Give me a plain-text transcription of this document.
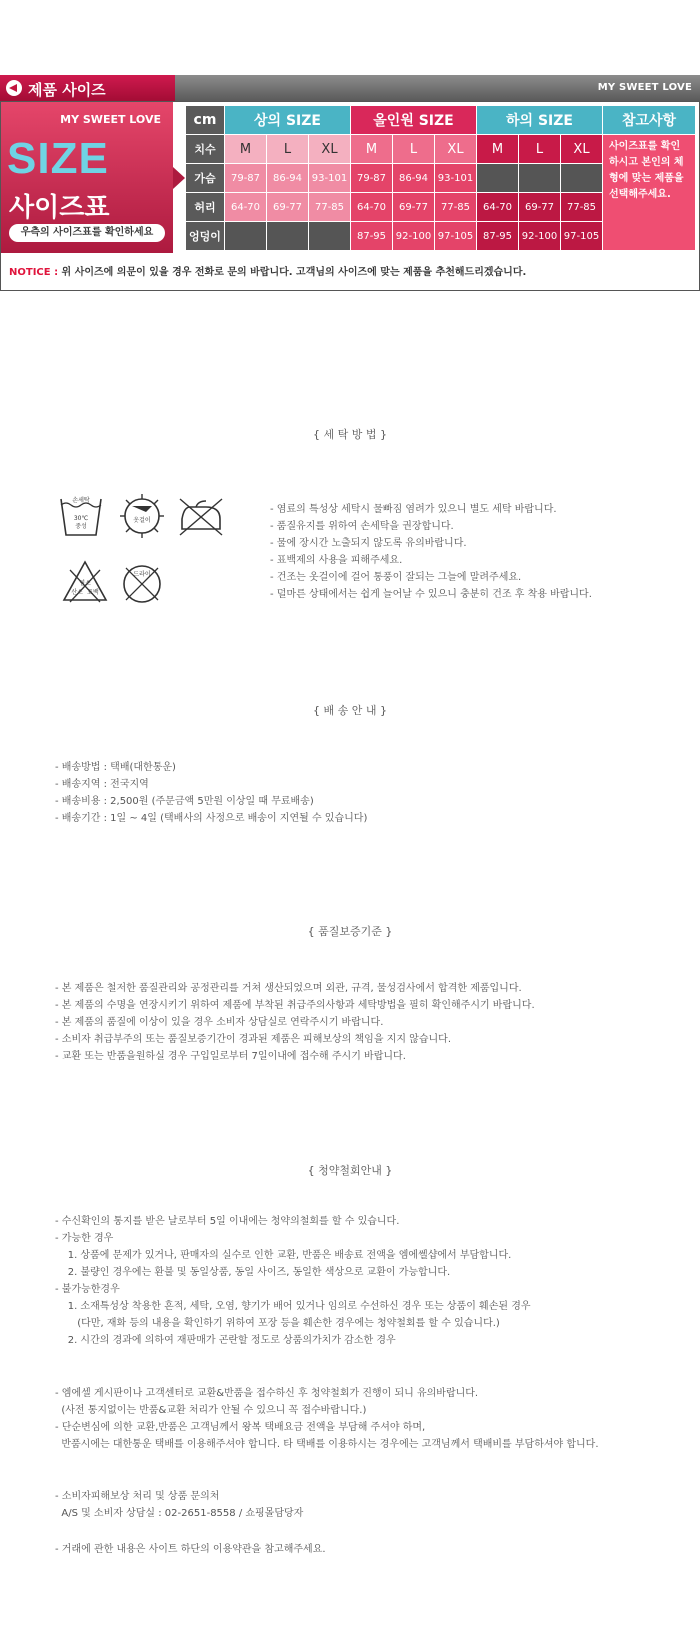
제품 사이즈	MY SWEET LOVE
MY SWEET LOVE
SIZE
사이즈표
우측의 사이즈표를 확인하세요
cm	상의 SIZE			올인원 SIZE			하의 SIZE			참고사항
치수	M	L	XL	M	L	XL	M	L	XL	사이즈표를 확인하시고 본인의 체형에 맞는 제품을 선택해주세요.
가슴	79-87	86-94	93-101	79-87	86-94	93-101				
허리	64-70	69-77	77-85	64-70	69-77	77-85	64-70	69-77	77-85	
엉덩이				87-95	92-100	97-105	87-95	92-100	97-105	
NOTICE : 위 사이즈에 의문이 있을 경우 전화로 문의 바랍니다. 고객님의 사이즈에 맞는 제품을 추천해드리겠습니다.
{ 세 탁 방 법 }
손세탁
30℃
중성
옷걸이
염소
산소 표백
드라이
- 염료의 특성상 세탁시 물빠짐 염려가 있으니 별도 세탁 바랍니다.
- 품질유지를 위하여 손세탁을 권장합니다.
- 물에 장시간 노출되지 않도록 유의바랍니다.
- 표백제의 사용을 피해주세요.
- 건조는 옷걸이에 걸어 통풍이 잘되는 그늘에 말려주세요.
- 덜마른 상태에서는 쉽게 늘어날 수 있으니 충분히 건조 후 착용 바랍니다.
{ 배 송 안 내 }
- 배송방법 : 택배(대한통운)
- 배송지역 : 전국지역
- 배송비용 : 2,500원 (주문금액 5만원 이상일 때 무료배송)
- 배송기간 : 1일 ~ 4일 (택배사의 사정으로 배송이 지연될 수 있습니다)
{ 품질보증기준 }
- 본 제품은 철저한 품질관리와 공정관리를 거쳐 생산되었으며 외관, 규격, 물성검사에서 합격한 제품입니다.
- 본 제품의 수명을 연장시키기 위하여 제품에 부착된 취급주의사항과 세탁방법을 필히 확인해주시기 바랍니다.
- 본 제품의 품질에 이상이 있을 경우 소비자 상담실로 연락주시기 바랍니다.
- 소비자 취급부주의 또는 품질보증기간이 경과된 제품은 피해보상의 책임을 지지 않습니다.
- 교환 또는 반품을원하실 경우 구입일로부터 7일이내에 접수해 주시기 바랍니다.
{ 청약철회안내 }
- 수신확인의 통지를 받은 날로부터 5일 이내에는 청약의철회를 할 수 있습니다.
- 가능한 경우
1. 상품에 문제가 있거나, 판매자의 실수로 인한 교환, 반품은 배송료 전액을 엠에쎌샵에서 부담합니다.
2. 불량인 경우에는 환불 및 동일상품, 동일 사이즈, 동일한 색상으로 교환이 가능합니다.
- 불가능한경우
1. 소재특성상 착용한 흔적, 세탁, 오염, 향기가 배어 있거나 임의로 수선하신 경우 또는 상품이 훼손된 경우
(다만, 재화 등의 내용을 확인하기 위하여 포장 등을 훼손한 경우에는 청약철회를 할 수 있습니다.)
2. 시간의 경과에 의하여 재판매가 곤란할 정도로 상품의가치가 감소한 경우
- 엠에셀 게시판이나 고객센터로 교환&반품을 접수하신 후 청약철회가 진행이 되니 유의바랍니다.
(사전 통지없이는 반품&교환 처리가 안될 수 있으니 꼭 접수바랍니다.)
- 단순변심에 의한 교환,반품은 고객님께서 왕복 택배요금 전액을 부담해 주셔야 하며,
반품시에는 대한통운 택배를 이용해주셔야 합니다. 타 택배를 이용하시는 경우에는 고객님께서 택배비를 부담하셔야 합니다.
- 소비자피해보상 처리 및 상품 문의처
A/S 및 소비자 상담실 : 02-2651-8558 / 쇼핑몰담당자
- 거래에 관한 내용은 사이트 하단의 이용약관을 참고해주세요.
